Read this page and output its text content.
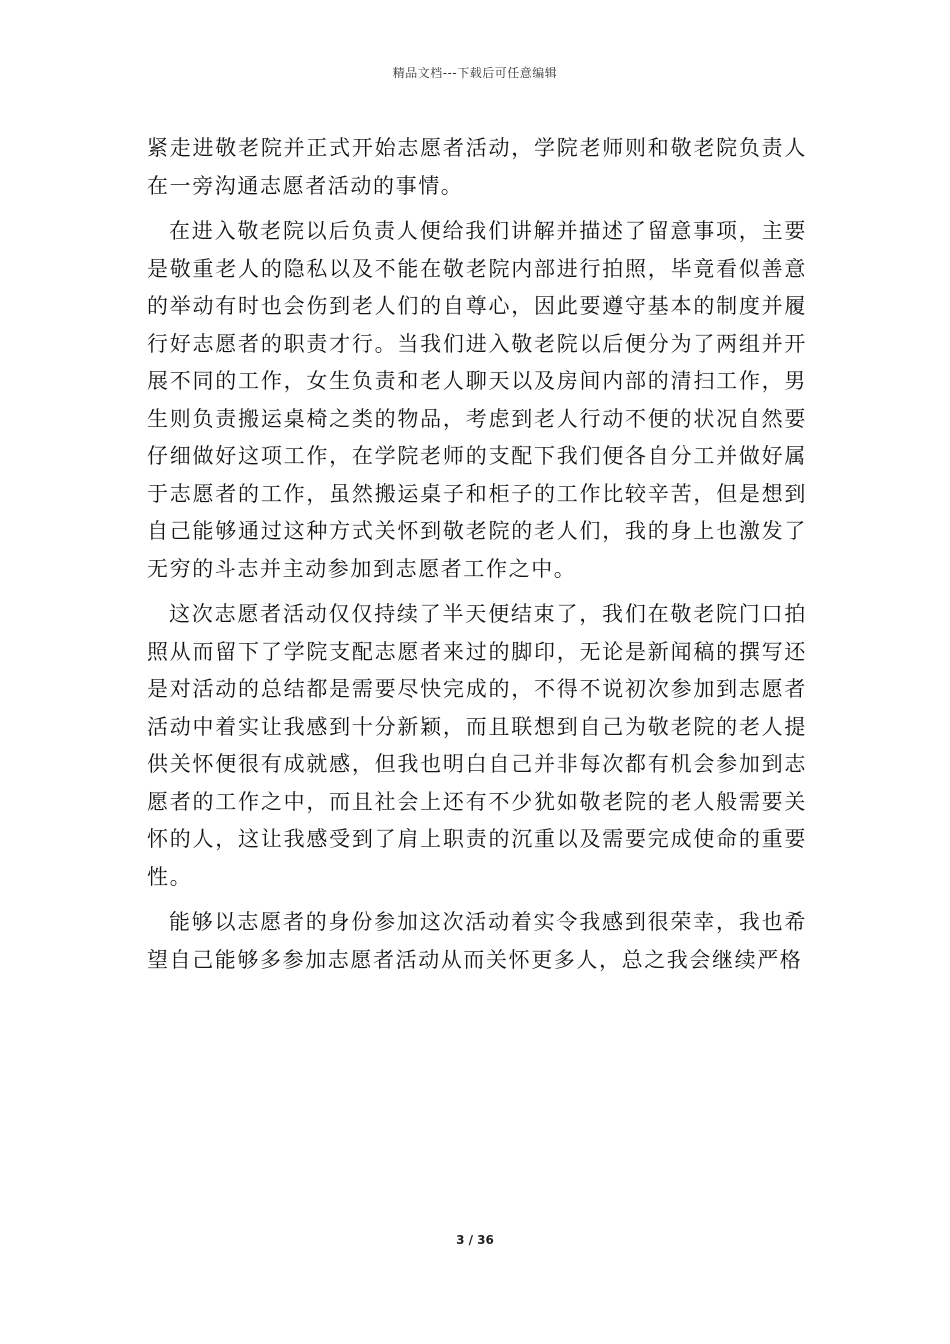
精品文档---下载后可任意编辑

紧走进敬老院并正式开始志愿者活动，学院老师则和敬老院负责人在一旁沟通志愿者活动的事情。

在进入敬老院以后负责人便给我们讲解并描述了留意事项，主要是敬重老人的隐私以及不能在敬老院内部进行拍照，毕竟看似善意的举动有时也会伤到老人们的自尊心，因此要遵守基本的制度并履行好志愿者的职责才行。当我们进入敬老院以后便分为了两组并开展不同的工作，女生负责和老人聊天以及房间内部的清扫工作，男生则负责搬运桌椅之类的物品，考虑到老人行动不便的状况自然要仔细做好这项工作，在学院老师的支配下我们便各自分工并做好属于志愿者的工作，虽然搬运桌子和柜子的工作比较辛苦，但是想到自己能够通过这种方式关怀到敬老院的老人们，我的身上也激发了无穷的斗志并主动参加到志愿者工作之中。

这次志愿者活动仅仅持续了半天便结束了，我们在敬老院门口拍照从而留下了学院支配志愿者来过的脚印，无论是新闻稿的撰写还是对活动的总结都是需要尽快完成的，不得不说初次参加到志愿者活动中着实让我感到十分新颖，而且联想到自己为敬老院的老人提供关怀便很有成就感，但我也明白自己并非每次都有机会参加到志愿者的工作之中，而且社会上还有不少犹如敬老院的老人般需要关怀的人，这让我感受到了肩上职责的沉重以及需要完成使命的重要性。

能够以志愿者的身份参加这次活动着实令我感到很荣幸，我也希望自己能够多参加志愿者活动从而关怀更多人，总之我会继续严格

3 / 36
